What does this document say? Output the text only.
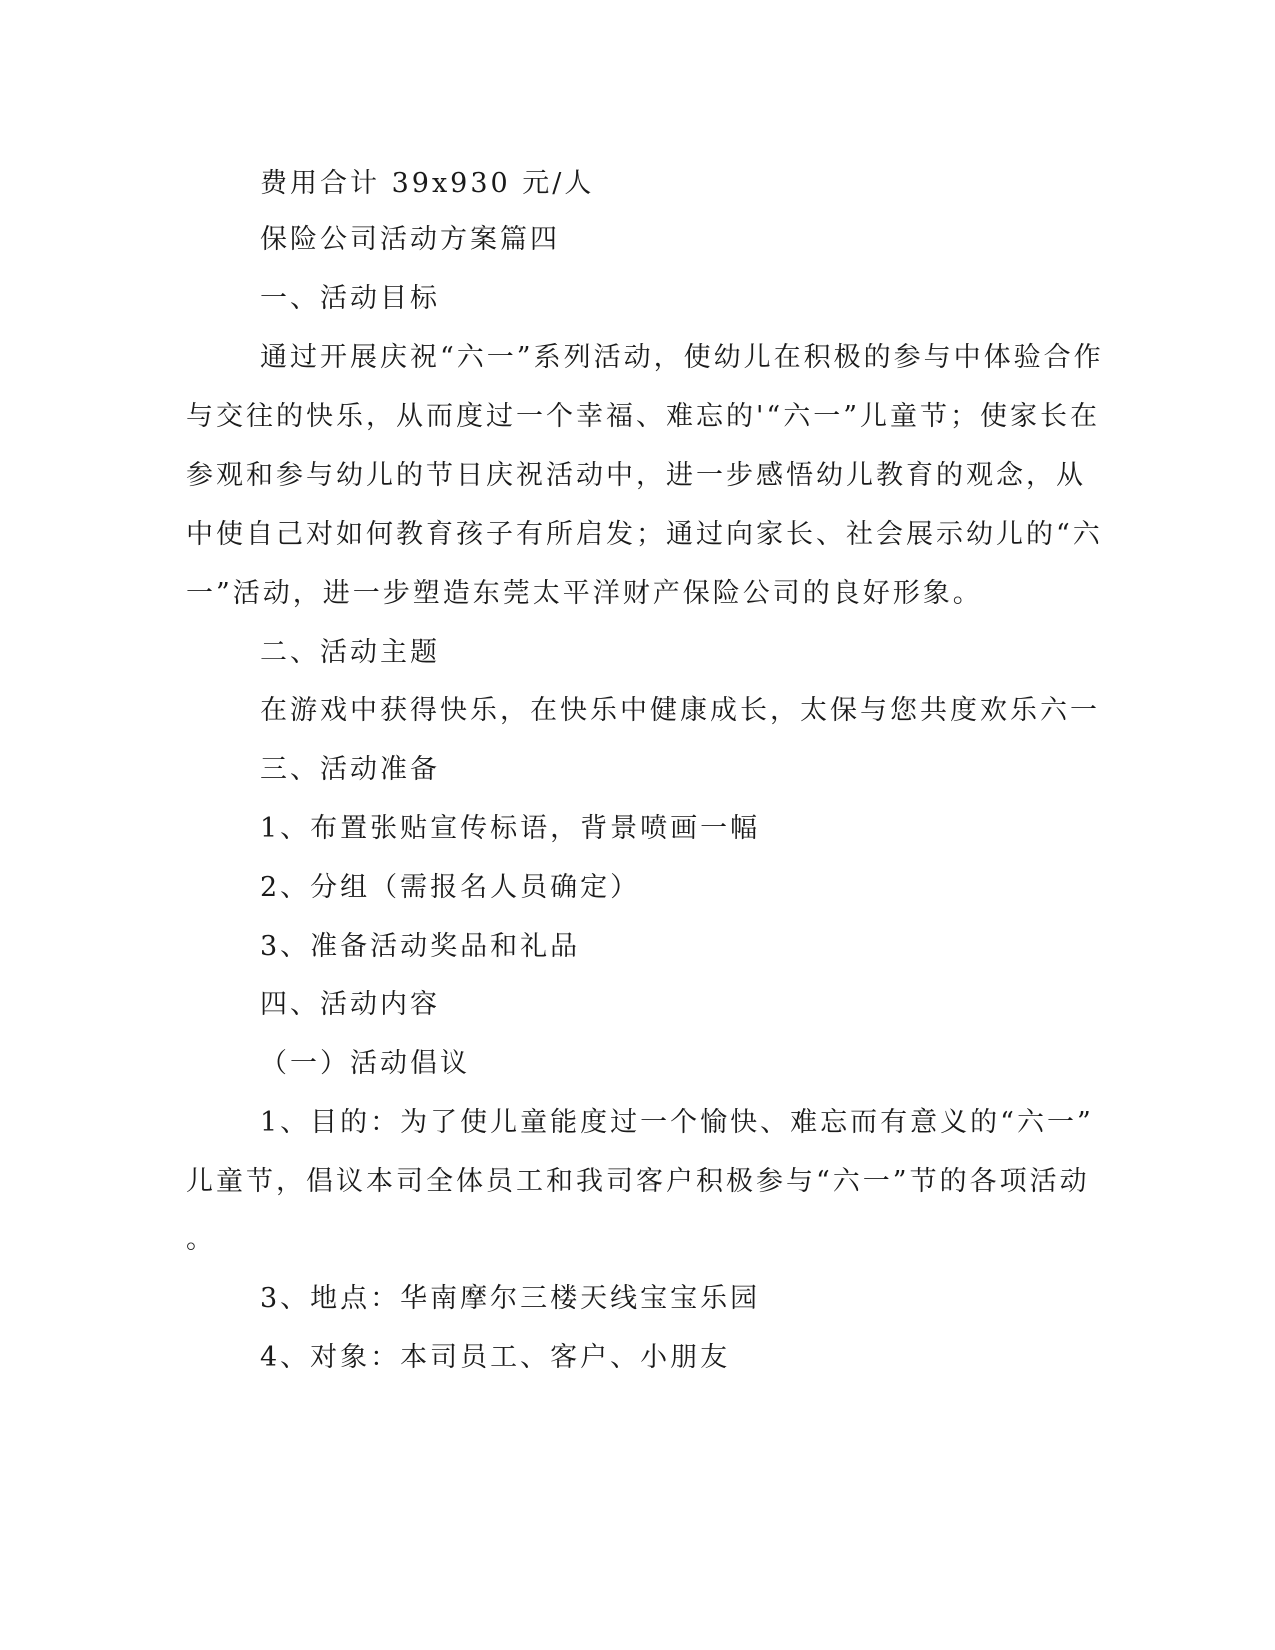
费用合计 39x930 元/人
保险公司活动方案篇四
一、活动目标
通过开展庆祝“六一”系列活动，使幼儿在积极的参与中体验合作
与交往的快乐，从而度过一个幸福、难忘的'“六一”儿童节；使家长在
参观和参与幼儿的节日庆祝活动中，进一步感悟幼儿教育的观念，从
中使自己对如何教育孩子有所启发；通过向家长、社会展示幼儿的“六
一”活动，进一步塑造东莞太平洋财产保险公司的良好形象。
二、活动主题
在游戏中获得快乐，在快乐中健康成长，太保与您共度欢乐六一
三、活动准备
1、布置张贴宣传标语，背景喷画一幅
2、分组（需报名人员确定）
3、准备活动奖品和礼品
四、活动内容
（一）活动倡议
1、目的：为了使儿童能度过一个愉快、难忘而有意义的“六一”
儿童节，倡议本司全体员工和我司客户积极参与“六一”节的各项活动
。
3、地点：华南摩尔三楼天线宝宝乐园
4、对象：本司员工、客户、小朋友
